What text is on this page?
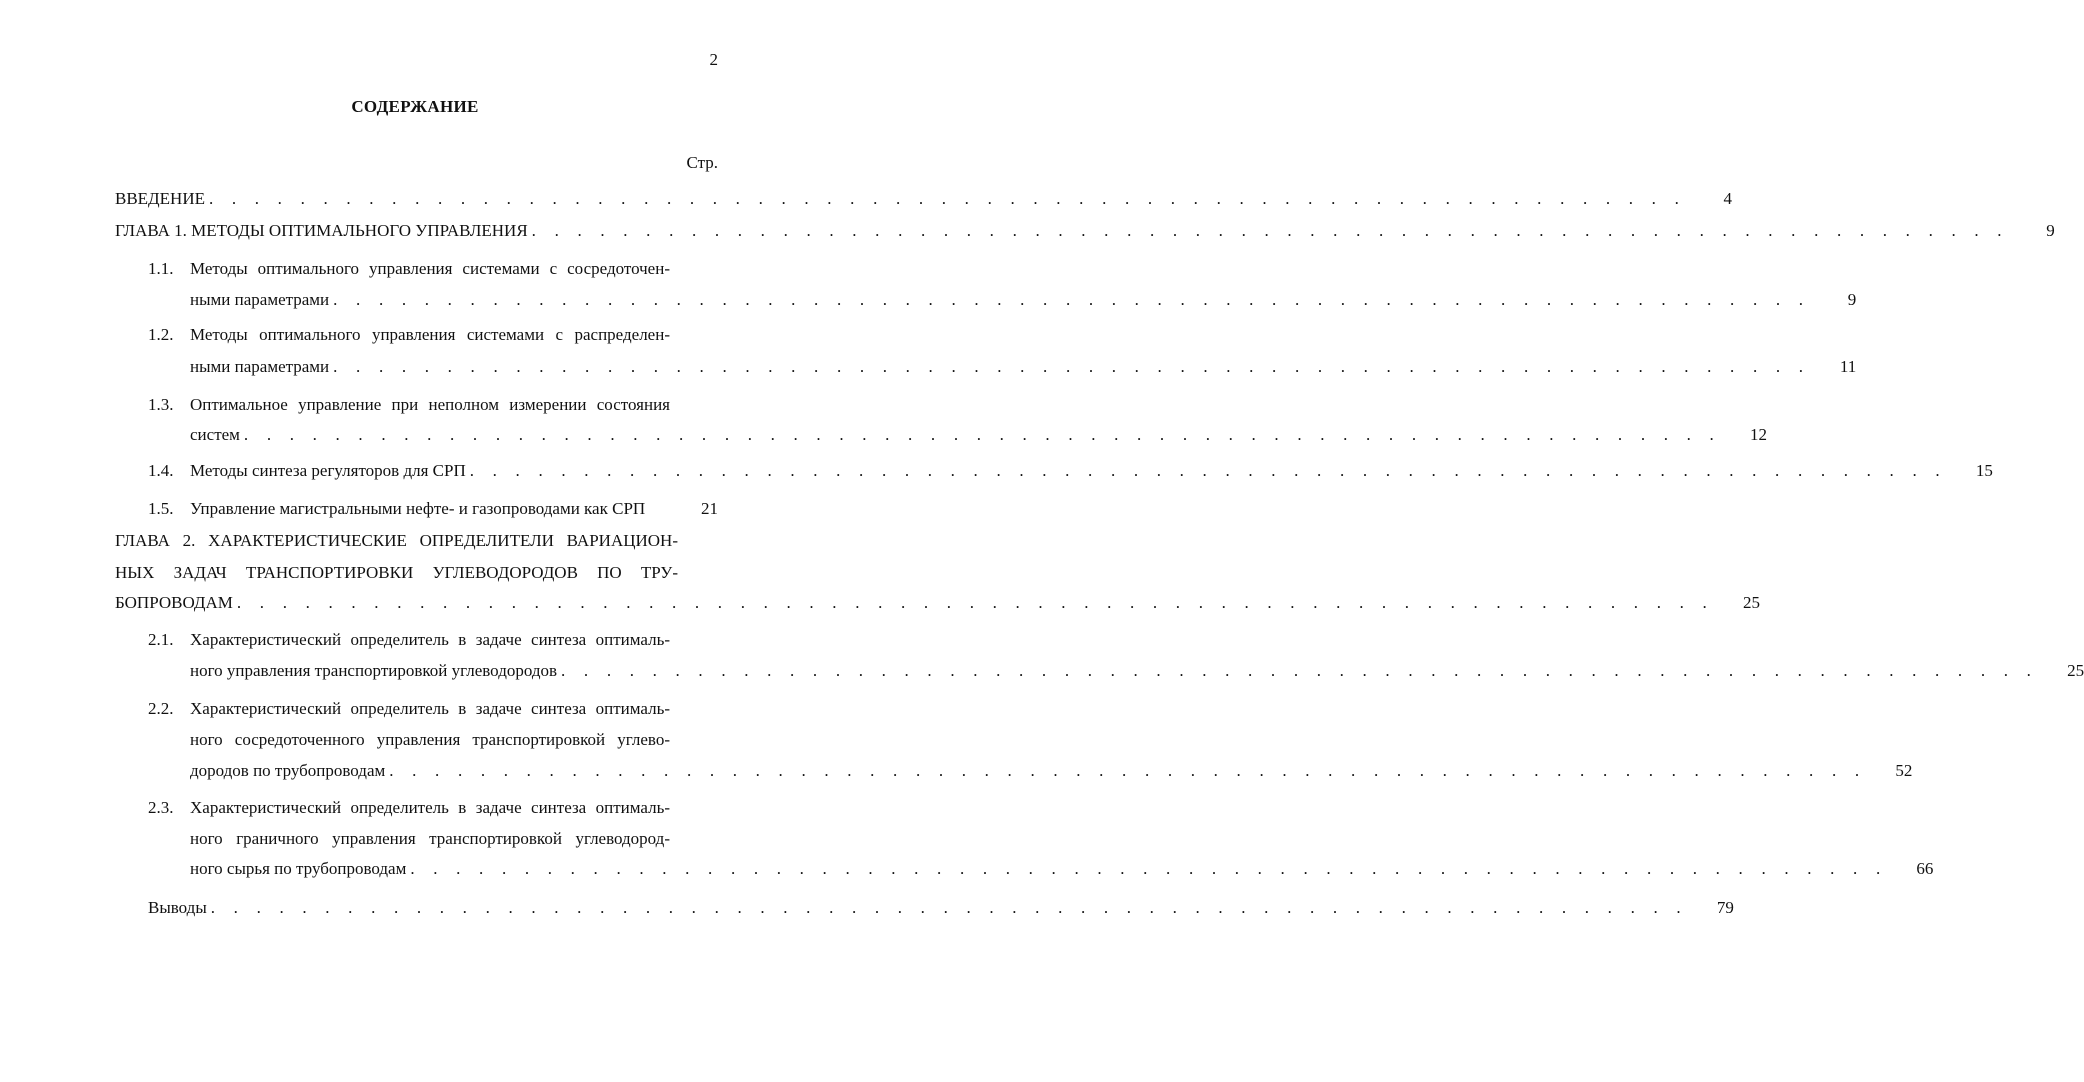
2
СОДЕРЖАНИЕ
Стр.
ВВЕДЕНИЕ . . . . . . . . . . . . . . . . . . . . . . . . . . . . . . . . . . . . . . . . . . . . . . . . . . . . . . . . . . . . . . . . .	4
ГЛАВА 1. МЕТОДЫ ОПТИМАЛЬНОГО УПРАВЛЕНИЯ . . . . . . . . . . . . . . . . . . . . . . . . . . . . . . . . . . . . . . . . . . . . . . . . . . . . . . . . . . . . . . . . .	9
1.1. Методы оптимального управления системами с сосредоточен-
ными параметрами . . . . . . . . . . . . . . . . . . . . . . . . . . . . . . . . . . . . . . . . . . . . . . . . . . . . . . . . . . . . . . . . .	9
1.2. Методы оптимального управления системами с распределен-
ными параметрами . . . . . . . . . . . . . . . . . . . . . . . . . . . . . . . . . . . . . . . . . . . . . . . . . . . . . . . . . . . . . . . . .	11
1.3. Оптимальное управление при неполном измерении состояния
систем . . . . . . . . . . . . . . . . . . . . . . . . . . . . . . . . . . . . . . . . . . . . . . . . . . . . . . . . . . . . . . . . .	12
1.4. Методы синтеза регуляторов для СРП . . . . . . . . . . . . . . . . . . . . . . . . . . . . . . . . . . . . . . . . . . . . . . . . . . . . . . . . . . . . . . . . .	15
1.5. Управление магистральными нефте- и газопроводами как СРП	21
ГЛАВА 2. ХАРАКТЕРИСТИЧЕСКИЕ ОПРЕДЕЛИТЕЛИ ВАРИАЦИОН-
НЫХ ЗАДАЧ ТРАНСПОРТИРОВКИ УГЛЕВОДОРОДОВ ПО ТРУ-
БОПРОВОДАМ . . . . . . . . . . . . . . . . . . . . . . . . . . . . . . . . . . . . . . . . . . . . . . . . . . . . . . . . . . . . . . . . .	25
2.1. Характеристический определитель в задаче синтеза оптималь-
ного управления транспортировкой углеводородов . . . . . . . . . . . . . . . . . . . . . . . . . . . . . . . . . . . . . . . . . . . . . . . . . . . . . . . . . . . . . . . . .	25
2.2. Характеристический определитель в задаче синтеза оптималь-
ного сосредоточенного управления транспортировкой углево-
дородов по трубопроводам . . . . . . . . . . . . . . . . . . . . . . . . . . . . . . . . . . . . . . . . . . . . . . . . . . . . . . . . . . . . . . . . .	52
2.3. Характеристический определитель в задаче синтеза оптималь-
ного граничного управления транспортировкой углеводород-
ного сырья по трубопроводам . . . . . . . . . . . . . . . . . . . . . . . . . . . . . . . . . . . . . . . . . . . . . . . . . . . . . . . . . . . . . . . . .	66
Выводы . . . . . . . . . . . . . . . . . . . . . . . . . . . . . . . . . . . . . . . . . . . . . . . . . . . . . . . . . . . . . . . . .	79
